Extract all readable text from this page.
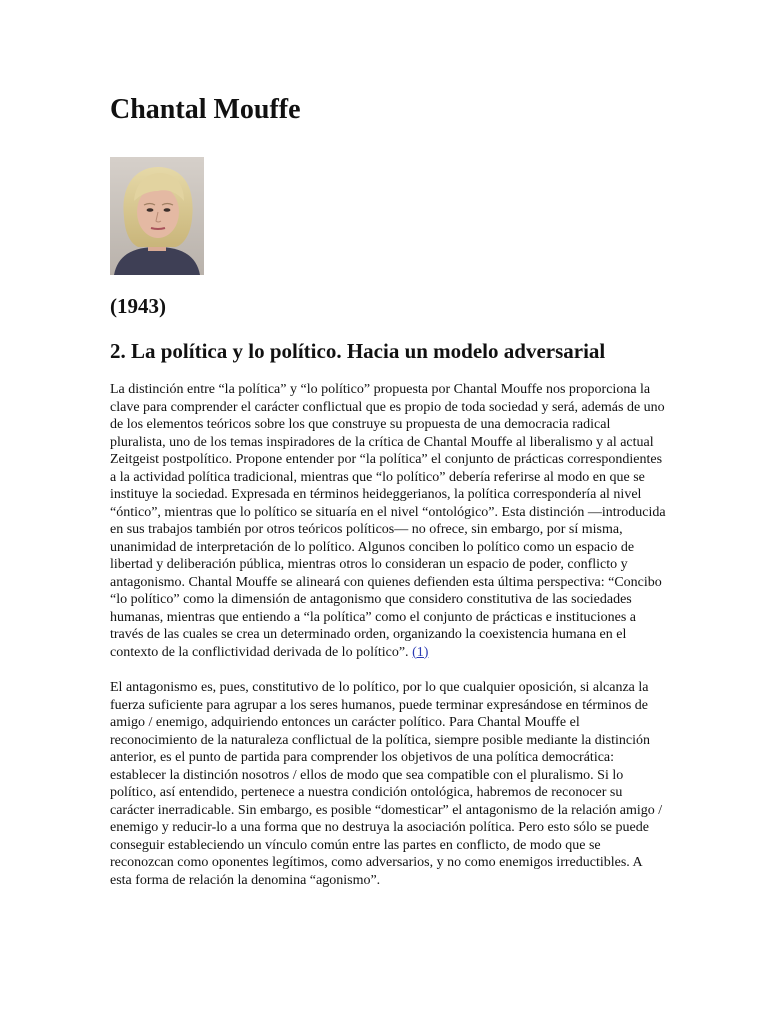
Chantal Mouffe

(1943)

2. La política y lo político. Hacia un modelo adversarial

La distinción entre “la política” y “lo político” propuesta por Chantal Mouffe nos proporciona la clave para comprender el carácter conflictual que es propio de toda sociedad y será, además de uno de los elementos teóricos sobre los que construye su propuesta de una democracia radical pluralista, uno de los temas inspiradores de la crítica de Chantal Mouffe al liberalismo y al actual Zeitgeist postpolítico. Propone entender por “la política” el conjunto de prácticas correspondientes a la actividad política tradicional, mientras que “lo político” debería referirse al modo en que se instituye la sociedad. Expresada en términos heideggerianos, la política correspondería al nivel “óntico”, mientras que lo político se situaría en el nivel “ontológico”. Esta distinción —introducida en sus trabajos también por otros teóricos políticos— no ofrece, sin embargo, por sí misma, unanimidad de interpretación de lo político. Algunos conciben lo político como un espacio de libertad y deliberación pública, mientras otros lo consideran un espacio de poder, conflicto y antagonismo. Chantal Mouffe se alineará con quienes defienden esta última perspectiva: “Concibo “lo político” como la dimensión de antagonismo que considero constitutiva de las sociedades humanas, mientras que entiendo a “la política” como el conjunto de prácticas e instituciones a través de las cuales se crea un determinado orden, organizando la coexistencia humana en el contexto de la conflictividad derivada de lo político”. (1)

El antagonismo es, pues, constitutivo de lo político, por lo que cualquier oposición, si alcanza la fuerza suficiente para agrupar a los seres humanos, puede terminar expresándose en términos de amigo / enemigo, adquiriendo entonces un carácter político. Para Chantal Mouffe el reconocimiento de la naturaleza conflictual de la política, siempre posible mediante la distinción anterior, es el punto de partida para comprender los objetivos de una política democrática: establecer la distinción nosotros / ellos de modo que sea compatible con el pluralismo. Si lo político, así entendido, pertenece a nuestra condición ontológica, habremos de reconocer su carácter inerradicable. Sin embargo, es posible “domesticar” el antagonismo de la relación amigo / enemigo y reducir-lo a una forma que no destruya la asociación política. Pero esto sólo se puede conseguir estableciendo un vínculo común entre las partes en conflicto, de modo que se reconozcan como oponentes legítimos, como adversarios, y no como enemigos irreductibles. A esta forma de relación la denomina “agonismo”.
